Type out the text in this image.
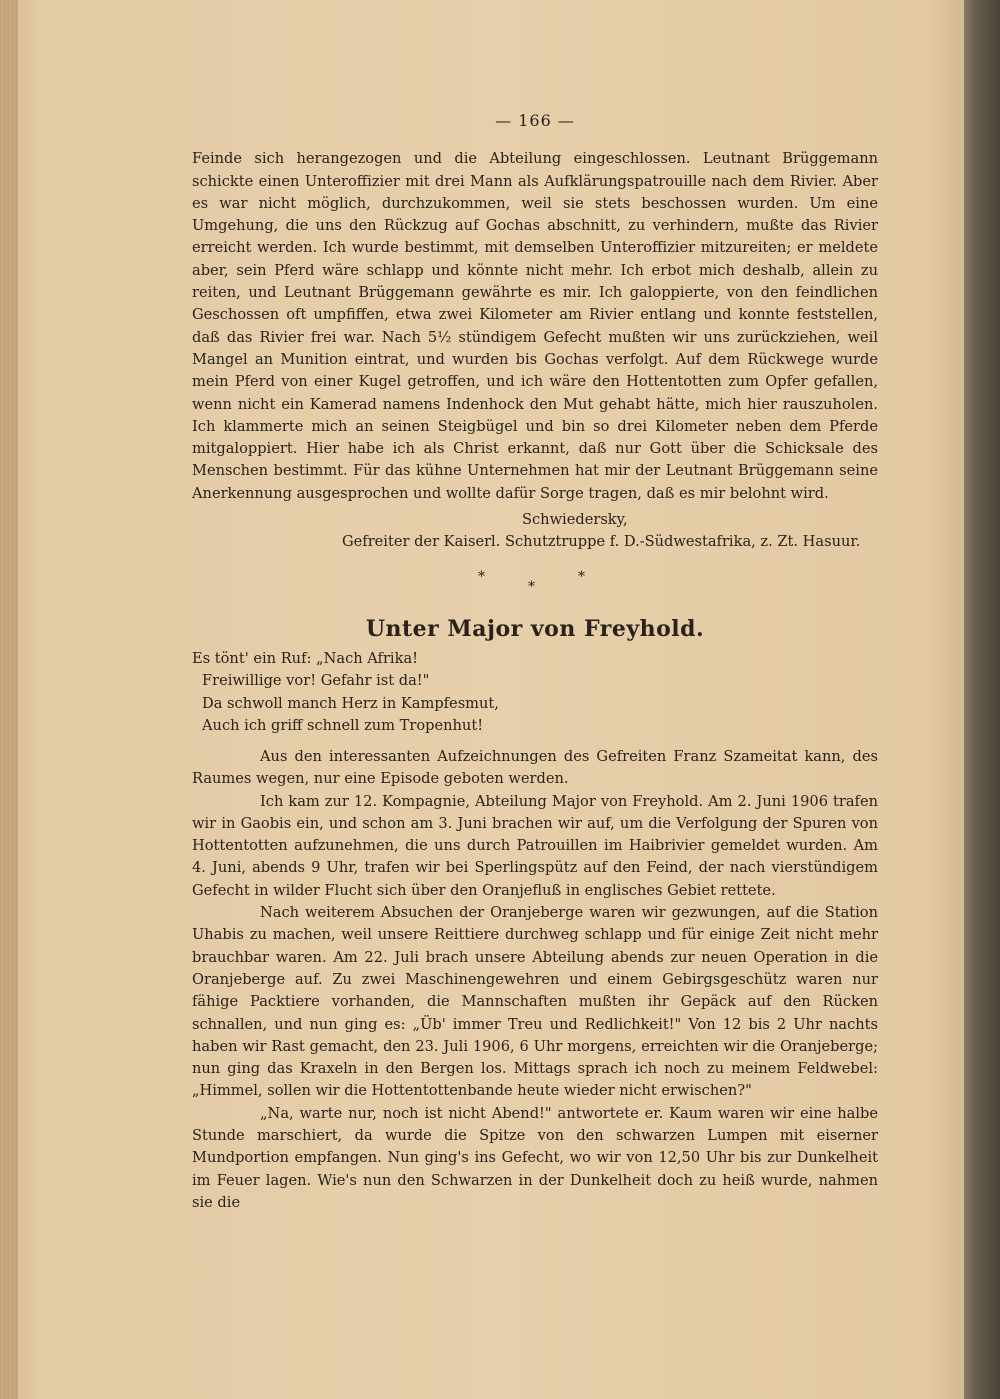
— 166 —

Feinde sich herangezogen und die Abteilung eingeschlossen. Leutnant Brüggemann schickte einen Unteroffizier mit drei Mann als Aufklärungspatrouille nach dem Rivier. Aber es war nicht möglich, durchzukommen, weil sie stets beschossen wurden. Um eine Umgehung, die uns den Rückzug auf Gochas abschnitt, zu verhindern, mußte das Rivier erreicht werden. Ich wurde bestimmt, mit demselben Unteroffizier mitzureiten; er meldete aber, sein Pferd wäre schlapp und könnte nicht mehr. Ich erbot mich deshalb, allein zu reiten, und Leutnant Brüggemann gewährte es mir. Ich galoppierte, von den feindlichen Geschossen oft umpfiffen, etwa zwei Kilometer am Rivier entlang und konnte feststellen, daß das Rivier frei war. Nach 5½ stündigem Gefecht mußten wir uns zurückziehen, weil Mangel an Munition eintrat, und wurden bis Gochas verfolgt. Auf dem Rückwege wurde mein Pferd von einer Kugel getroffen, und ich wäre den Hottentotten zum Opfer gefallen, wenn nicht ein Kamerad namens Indenhock den Mut gehabt hätte, mich hier rauszuholen. Ich klammerte mich an seinen Steigbügel und bin so drei Kilometer neben dem Pferde mitgaloppiert. Hier habe ich als Christ erkannt, daß nur Gott über die Schicksale des Menschen bestimmt. Für das kühne Unternehmen hat mir der Leutnant Brüggemann seine Anerkennung ausgesprochen und wollte dafür Sorge tragen, daß es mir belohnt wird.

Schwiedersky,
Gefreiter der Kaiserl. Schutztruppe f. D.-Südwestafrika, z. Zt. Hasuur.
*
*
*
Unter Major von Freyhold.
Es tönt' ein Ruf: „Nach Afrika!
Freiwillige vor! Gefahr ist da!"
Da schwoll manch Herz in Kampfesmut,
Auch ich griff schnell zum Tropenhut!

Aus den interessanten Aufzeichnungen des Gefreiten Franz Szameitat kann, des Raumes wegen, nur eine Episode geboten werden.

Ich kam zur 12. Kompagnie, Abteilung Major von Freyhold. Am 2. Juni 1906 trafen wir in Gaobis ein, und schon am 3. Juni brachen wir auf, um die Verfolgung der Spuren von Hottentotten aufzunehmen, die uns durch Patrouillen im Haibrivier gemeldet wurden. Am 4. Juni, abends 9 Uhr, trafen wir bei Sperlingspütz auf den Feind, der nach vierstündigem Gefecht in wilder Flucht sich über den Oranjefluß in englisches Gebiet rettete.

Nach weiterem Absuchen der Oranjeberge waren wir gezwungen, auf die Station Uhabis zu machen, weil unsere Reittiere durchweg schlapp und für einige Zeit nicht mehr brauchbar waren. Am 22. Juli brach unsere Abteilung abends zur neuen Operation in die Oranjeberge auf. Zu zwei Maschinengewehren und einem Gebirgsgeschütz waren nur fähige Packtiere vorhanden, die Mannschaften mußten ihr Gepäck auf den Rücken schnallen, und nun ging es: „Üb' immer Treu und Redlichkeit!" Von 12 bis 2 Uhr nachts haben wir Rast gemacht, den 23. Juli 1906, 6 Uhr morgens, erreichten wir die Oranjeberge; nun ging das Kraxeln in den Bergen los. Mittags sprach ich noch zu meinem Feldwebel: „Himmel, sollen wir die Hottentottenbande heute wieder nicht erwischen?"

„Na, warte nur, noch ist nicht Abend!" antwortete er. Kaum waren wir eine halbe Stunde marschiert, da wurde die Spitze von den schwarzen Lumpen mit eiserner Mundportion empfangen. Nun ging's ins Gefecht, wo wir von 12,50 Uhr bis zur Dunkelheit im Feuer lagen. Wie's nun den Schwarzen in der Dunkelheit doch zu heiß wurde, nahmen sie die
